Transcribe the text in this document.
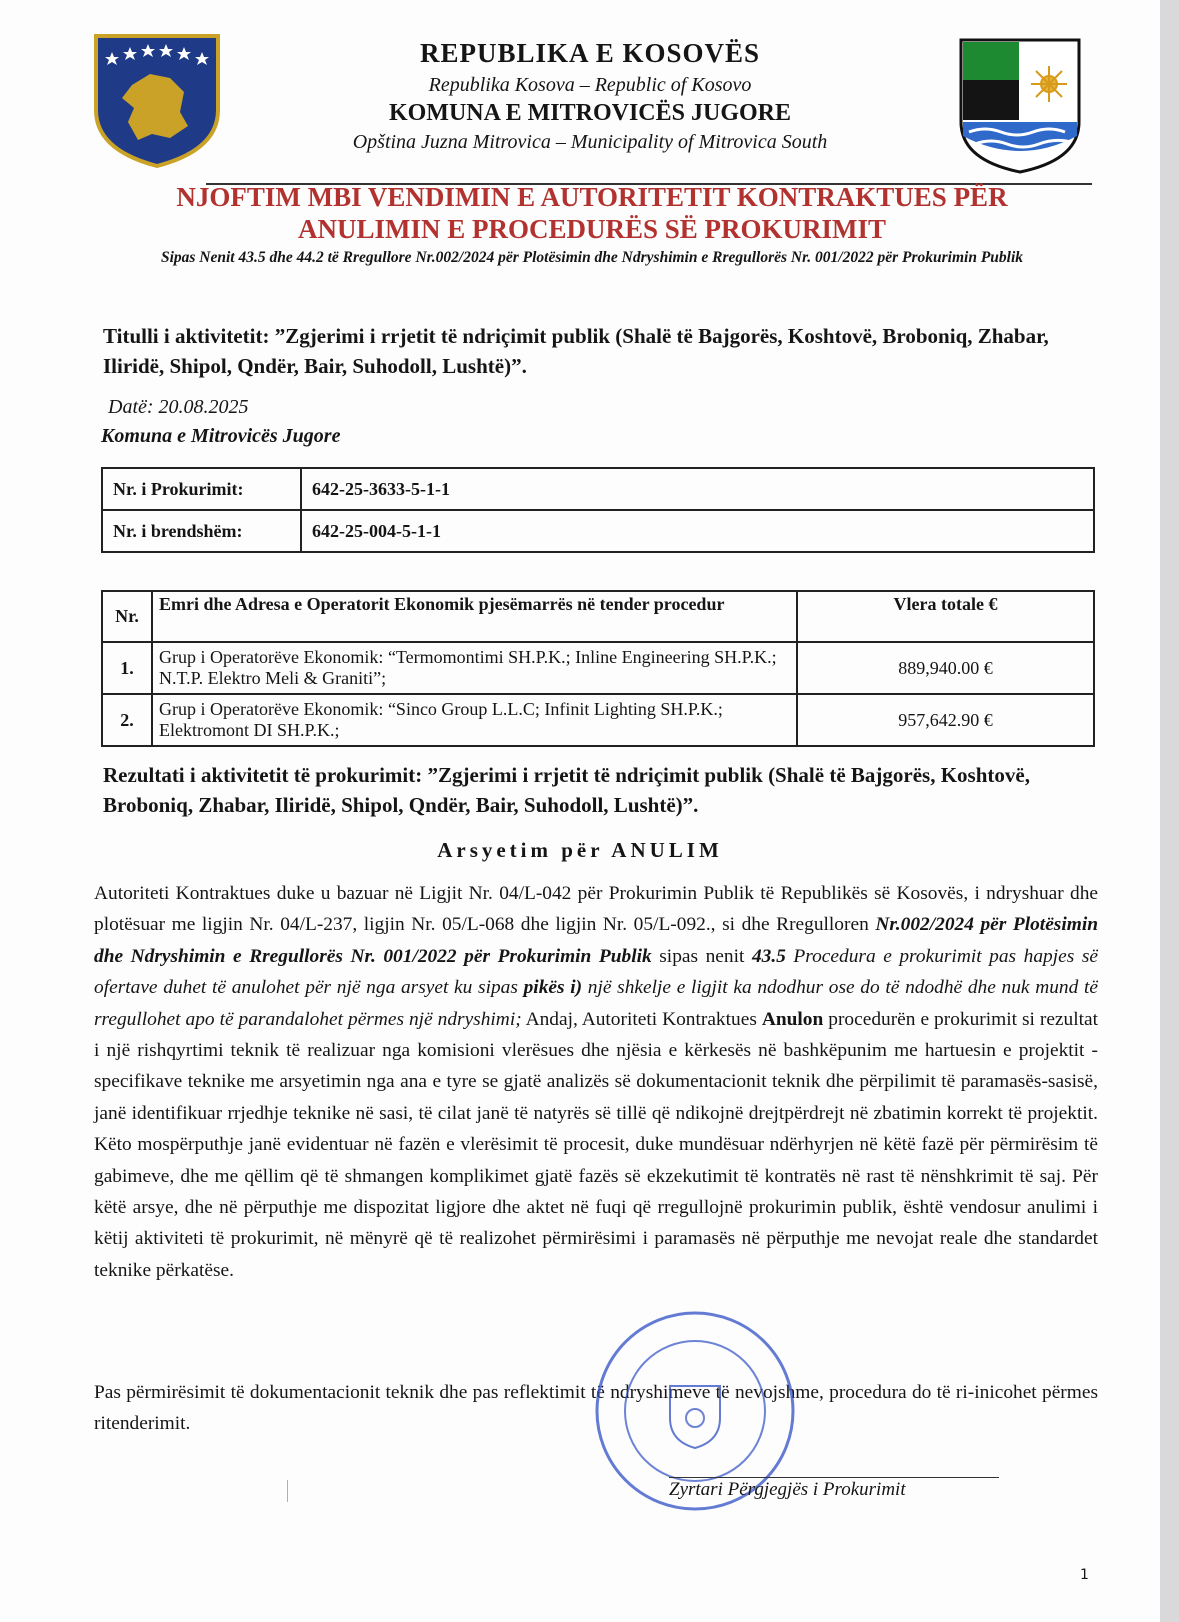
REPUBLIKA E KOSOVËS
Republika Kosova – Republic of Kosovo
KOMUNA E MITROVICËS JUGORE
Opština Juzna Mitrovica – Municipality of Mitrovica South
NJOFTIM MBI VENDIMIN E AUTORITETIT KONTRAKTUES PËR
ANULIMIN E PROCEDURËS SË PROKURIMIT
Sipas Nenit 43.5 dhe 44.2 të Rregullore Nr.002/2024 për Plotësimin dhe Ndryshimin e Rregullorës Nr. 001/2022 për Prokurimin Publik
Titulli i aktivitetit: ”Zgjerimi i rrjetit të ndriçimit publik (Shalë të Bajgorës, Koshtovë, Broboniq, Zhabar, Iliridë, Shipol, Qndër, Bair, Suhodoll, Lushtë)”.
Datë: 20.08.2025
Komuna e Mitrovicës Jugore
Nr. i Prokurimit:	642-25-3633-5-1-1
Nr. i brendshëm:	642-25-004-5-1-1
Nr.	Emri dhe Adresa e Operatorit Ekonomik pjesëmarrës në tender procedur	Vlera totale €
1.	Grup i Operatorëve Ekonomik: “Termomontimi SH.P.K.; Inline Engineering SH.P.K.; N.T.P. Elektro Meli & Graniti”;	889,940.00 €
2.	Grup i Operatorëve Ekonomik: “Sinco Group L.L.C; Infinit Lighting SH.P.K.; Elektromont DI SH.P.K.;	957,642.90 €
Rezultati i aktivitetit të prokurimit: ”Zgjerimi i rrjetit të ndriçimit publik (Shalë të Bajgorës, Koshtovë, Broboniq, Zhabar, Iliridë, Shipol, Qndër, Bair, Suhodoll, Lushtë)”.
Arsyetim për ANULIM
Autoriteti Kontraktues duke u bazuar në Ligjit Nr. 04/L-042 për Prokurimin Publik të Republikës së Kosovës, i ndryshuar dhe plotësuar me ligjin Nr. 04/L-237, ligjin Nr. 05/L-068 dhe ligjin Nr. 05/L-092., si dhe Rregulloren Nr.002/2024 për Plotësimin dhe Ndryshimin e Rregullorës Nr. 001/2022 për Prokurimin Publik sipas nenit 43.5 Procedura e prokurimit pas hapjes së ofertave duhet të anulohet për një nga arsyet ku sipas pikës i) një shkelje e ligjit ka ndodhur ose do të ndodhë dhe nuk mund të rregullohet apo të parandalohet përmes një ndryshimi; Andaj, Autoriteti Kontraktues Anulon procedurën e prokurimit si rezultat i një rishqyrtimi teknik të realizuar nga komisioni vlerësues dhe njësia e kërkesës në bashkëpunim me hartuesin e projektit - specifikave teknike me arsyetimin nga ana e tyre se gjatë analizës së dokumentacionit teknik dhe përpilimit të paramasës-sasisë, janë identifikuar rrjedhje teknike në sasi, të cilat janë të natyrës së tillë që ndikojnë drejtpërdrejt në zbatimin korrekt të projektit. Këto mospërputhje janë evidentuar në fazën e vlerësimit të procesit, duke mundësuar ndërhyrjen në këtë fazë për përmirësim të gabimeve, dhe me qëllim që të shmangen komplikimet gjatë fazës së ekzekutimit të kontratës në rast të nënshkrimit të saj. Për këtë arsye, dhe në përputhje me dispozitat ligjore dhe aktet në fuqi që rregullojnë prokurimin publik, është vendosur anulimi i këtij aktiviteti të prokurimit, në mënyrë që të realizohet përmirësimi i paramasës në përputhje me nevojat reale dhe standardet teknike përkatëse.
Pas përmirësimit të dokumentacionit teknik dhe pas reflektimit të ndryshimeve të nevojshme, procedura do të ri-inicohet përmes ritenderimit.
Zyrtari Përgjegjës i Prokurimit
1
